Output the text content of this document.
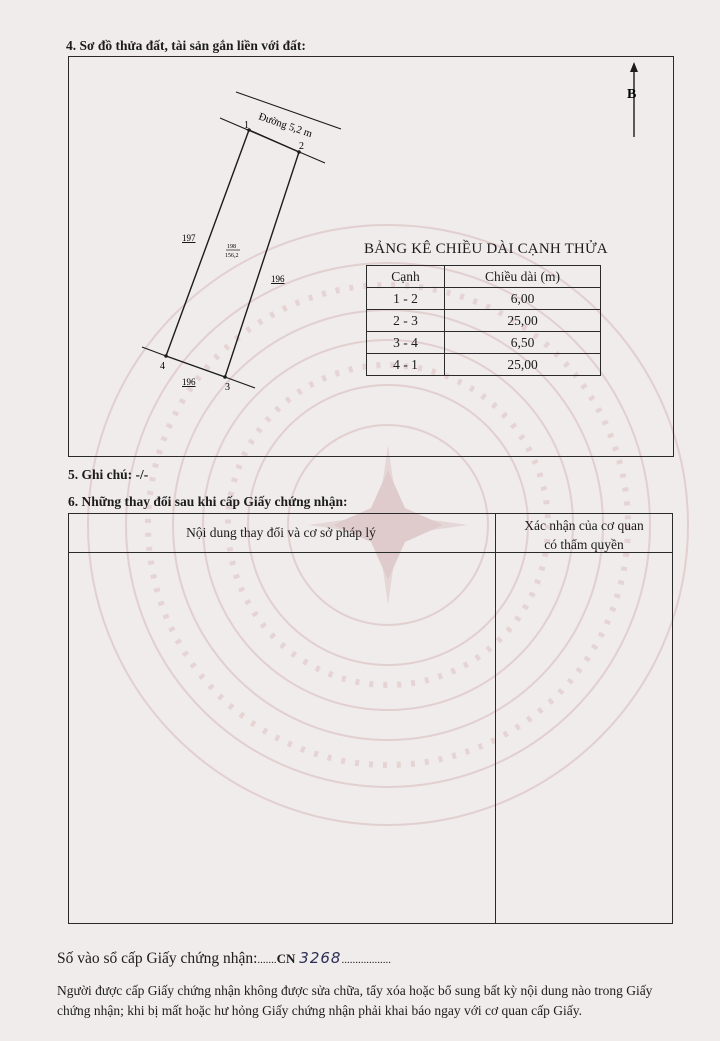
4. Sơ đồ thửa đất, tài sản gắn liền với đất:
Đường 5,2 m
1
2
3
4
197
196
196
198
156,2
B
BẢNG KÊ CHIỀU DÀI CẠNH THỬA
Cạnh	Chiều dài (m)
1 - 2	6,00
2 - 3	25,00
3 - 4	6,50
4 - 1	25,00
5. Ghi chú: -/-
6. Những thay đổi sau khi cấp Giấy chứng nhận:
Nội dung thay đổi và cơ sở pháp lý	Xác nhận của cơ quan
có thẩm quyền
Số vào sổ cấp Giấy chứng nhận:.......CN 3268..................
Người được cấp Giấy chứng nhận không được sửa chữa, tẩy xóa hoặc bổ sung bất kỳ nội dung nào trong Giấy chứng nhận; khi bị mất hoặc hư hỏng Giấy chứng nhận phải khai báo ngay với cơ quan cấp Giấy.
